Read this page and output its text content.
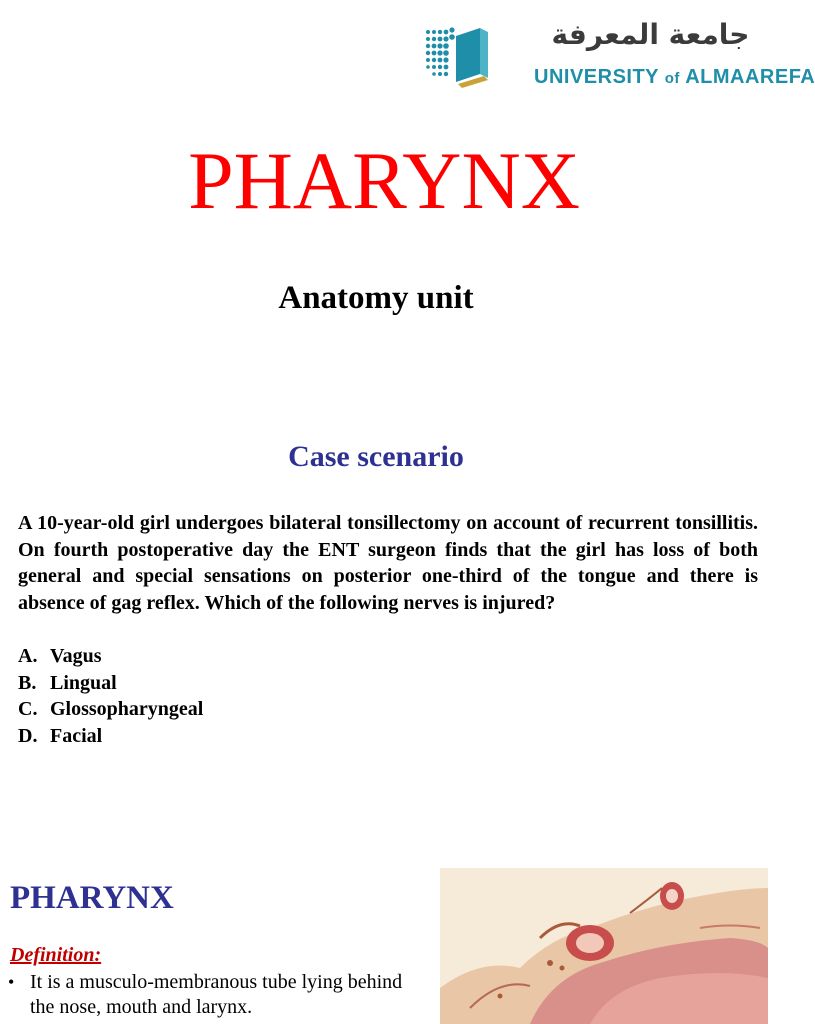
جامعة المعرفة
UNIVERSITY of ALMAAREFA
PHARYNX
Anatomy unit
Case scenario
A 10-year-old girl undergoes bilateral tonsillectomy on account of recurrent tonsillitis. On fourth postoperative day the ENT surgeon finds that the girl has loss of both general and special sensations on posterior one-third of the tongue and there is absence of gag reflex. Which of the following nerves is injured?
A. Vagus
B. Lingual
C. Glossopharyngeal
D. Facial
PHARYNX
Definition:
• It is a musculo-membranous tube lying behind the nose, mouth and larynx.
